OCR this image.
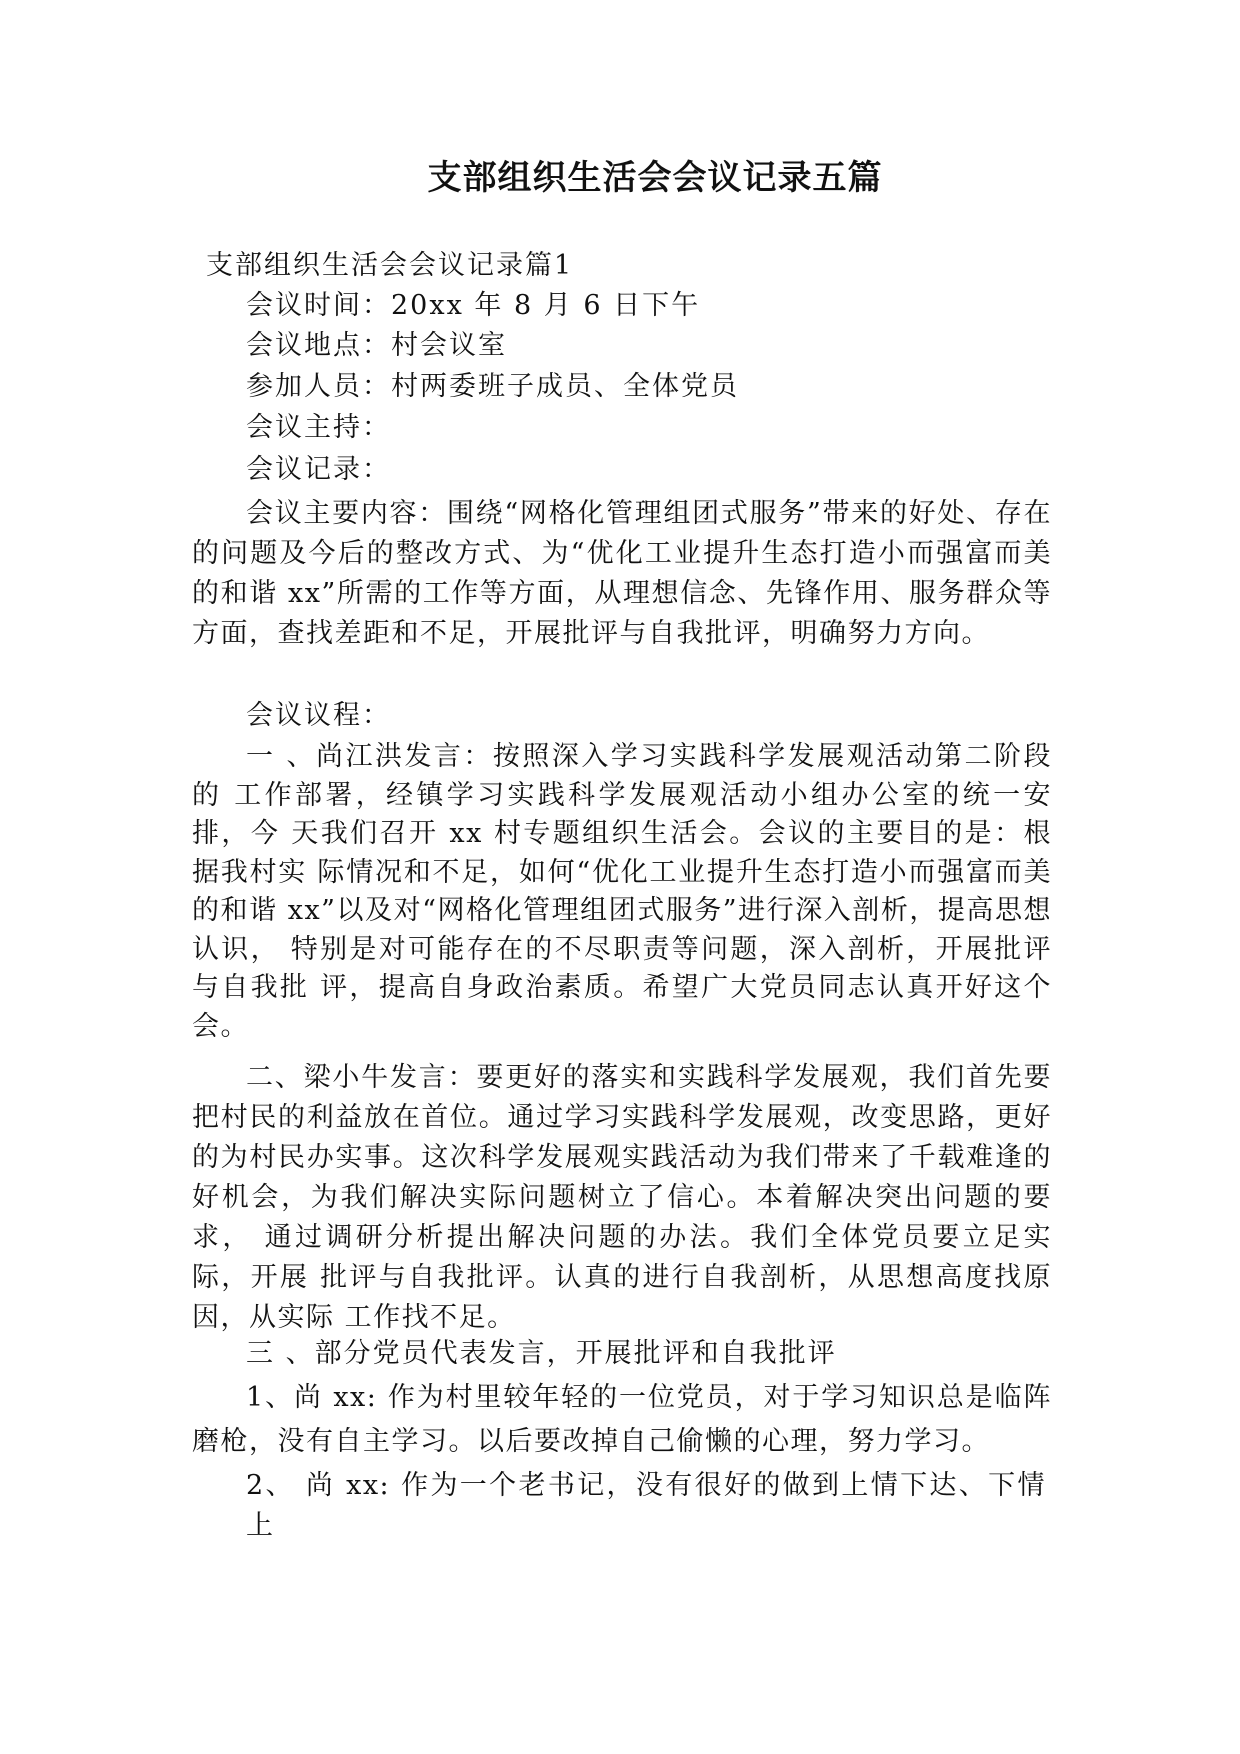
支部组织生活会会议记录五篇
支部组织生活会会议记录篇1
会议时间：20xx 年 8 月 6 日下午
会议地点：村会议室
参加人员：村两委班子成员、全体党员
会议主持：
会议记录：
会议主要内容：围绕“网格化管理组团式服务”带来的好处、存在的问题及今后的整改方式、为“优化工业提升生态打造小而强富而美的和谐 xx”所需的工作等方面，从理想信念、先锋作用、服务群众等方面，查找差距和不足，开展批评与自我批评，明确努力方向。
会议议程：
一 、尚江洪发言：按照深入学习实践科学发展观活动第二阶段的 工作部署，经镇学习实践科学发展观活动小组办公室的统一安排，今 天我们召开 xx 村专题组织生活会。会议的主要目的是：根据我村实 际情况和不足，如何“优化工业提升生态打造小而强富而美的和谐 xx”以及对“网格化管理组团式服务”进行深入剖析，提高思想认识， 特别是对可能存在的不尽职责等问题，深入剖析，开展批评与自我批 评，提高自身政治素质。希望广大党员同志认真开好这个会。
二、梁小牛发言：要更好的落实和实践科学发展观，我们首先要把村民的利益放在首位。通过学习实践科学发展观，改变思路，更好的为村民办实事。这次科学发展观实践活动为我们带来了千载难逢的好机会，为我们解决实际问题树立了信心。本着解决突出问题的要求， 通过调研分析提出解决问题的办法。我们全体党员要立足实际，开展 批评与自我批评。认真的进行自我剖析，从思想高度找原因，从实际 工作找不足。
三 、部分党员代表发言，开展批评和自我批评
1、尚 xx: 作为村里较年轻的一位党员，对于学习知识总是临阵磨枪，没有自主学习。以后要改掉自己偷懒的心理，努力学习。
2、 尚 xx: 作为一个老书记，没有很好的做到上情下达、下情上
